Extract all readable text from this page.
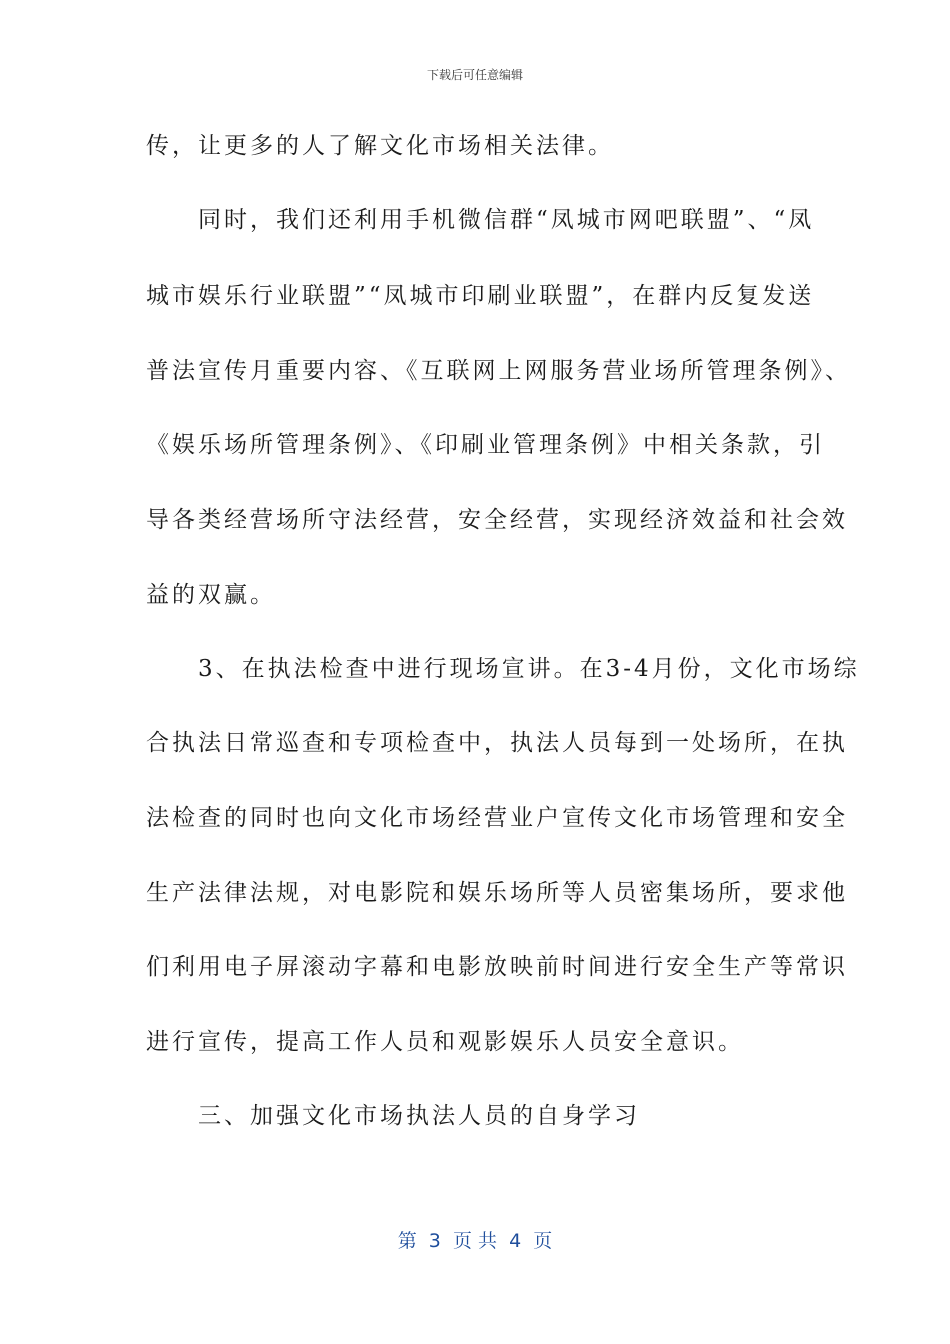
下载后可任意编辑
传，让更多的人了解文化市场相关法律。
　　同时，我们还利用手机微信群“凤城市网吧联盟”、“凤
城市娱乐行业联盟”“凤城市印刷业联盟”，在群内反复发送
普法宣传月重要内容、《互联网上网服务营业场所管理条例》、
《娱乐场所管理条例》、《印刷业管理条例》中相关条款，引
导各类经营场所守法经营，安全经营，实现经济效益和社会效
益的双赢。
　　3、在执法检查中进行现场宣讲。在3-4月份，文化市场综
合执法日常巡查和专项检查中，执法人员每到一处场所，在执
法检查的同时也向文化市场经营业户宣传文化市场管理和安全
生产法律法规，对电影院和娱乐场所等人员密集场所，要求他
们利用电子屏滚动字幕和电影放映前时间进行安全生产等常识
进行宣传，提高工作人员和观影娱乐人员安全意识。
　　三、加强文化市场执法人员的自身学习
第  3  页 共  4  页
